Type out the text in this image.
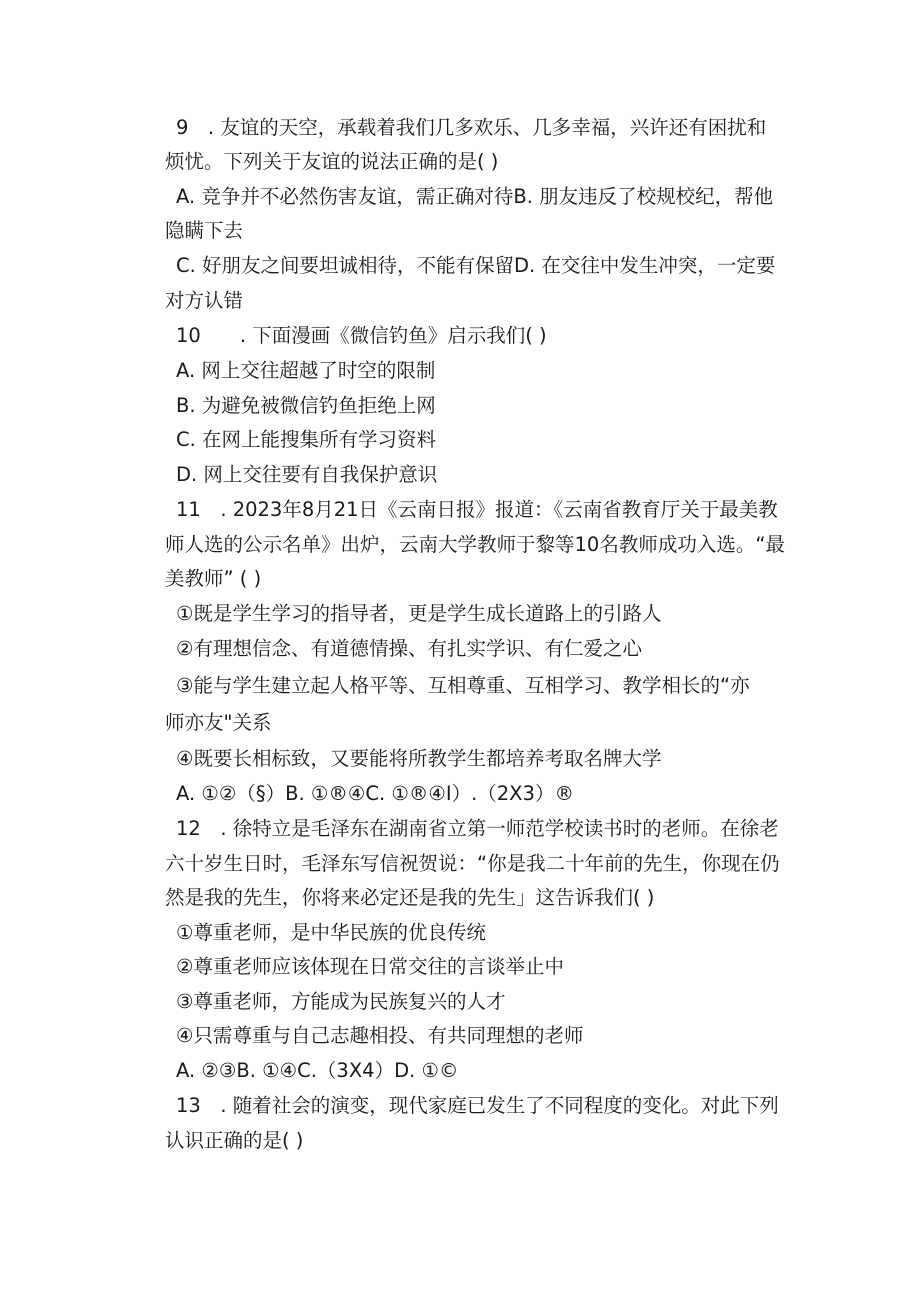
9　. 友谊的天空，承载着我们几多欢乐、几多幸福，兴许还有困扰和
烦忧。下列关于友谊的说法正确的是( )
A. 竞争并不必然伤害友谊，需正确对待B. 朋友违反了校规校纪，帮他
隐瞒下去
C. 好朋友之间要坦诚相待，不能有保留D. 在交往中发生冲突，一定要
对方认错
10　　. 下面漫画《微信钓鱼》启示我们( )
A. 网上交往超越了时空的限制
B. 为避免被微信钓鱼拒绝上网
C. 在网上能搜集所有学习资料
D. 网上交往要有自我保护意识
11　. 2023年8月21日《云南日报》报道：《云南省教育厅关于最美教
师人选的公示名单》出炉，云南大学教师于黎等10名教师成功入选。“最
美教师” ( )
①既是学生学习的指导者，更是学生成长道路上的引路人
②有理想信念、有道德情操、有扎实学识、有仁爱之心
③能与学生建立起人格平等、互相尊重、互相学习、教学相长的“亦
师亦友"关系
④既要长相标致，又要能将所教学生都培养考取名牌大学
A. ①②（§）B. ①®④C. ①®④I）.（2X3）®
12　. 徐特立是毛泽东在湖南省立第一师范学校读书时的老师。在徐老
六十岁生日时，毛泽东写信祝贺说：“你是我二十年前的先生，你现在仍
然是我的先生，你将来必定还是我的先生」这告诉我们( )
①尊重老师，是中华民族的优良传统
②尊重老师应该体现在日常交往的言谈举止中
③尊重老师，方能成为民族复兴的人才
④只需尊重与自己志趣相投、有共同理想的老师
A. ②③B. ①④C.（3X4）D. ①©
13　. 随着社会的演变，现代家庭已发生了不同程度的变化。对此下列
认识正确的是( )
